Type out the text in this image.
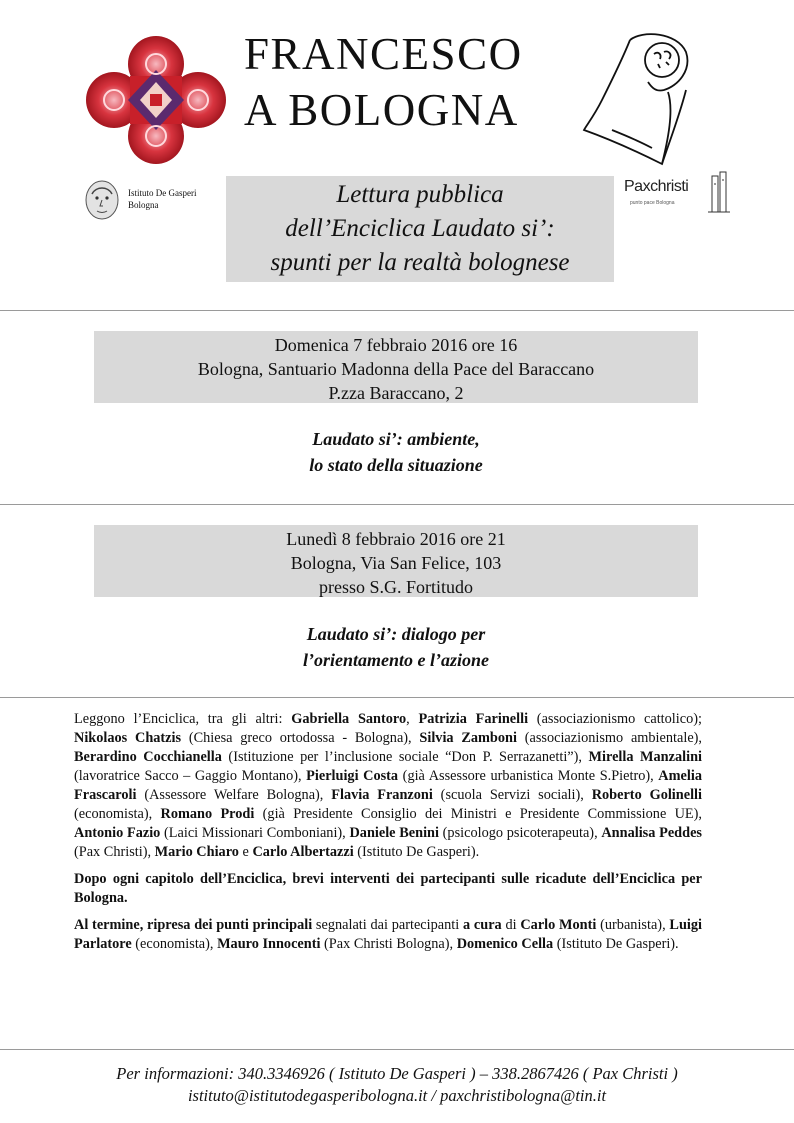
FRANCESCO
A BOLOGNA
Istituto De Gasperi
Bologna	Lettura pubblica
dell’Enciclica Laudato si’:
spunti per la realtà bolognese
Paxchristi
punto pace Bologna
Domenica 7 febbraio 2016 ore 16
Bologna, Santuario Madonna della Pace del Baraccano
P.zza Baraccano, 2
Laudato si’: ambiente,
lo stato della situazione
Lunedì 8 febbraio 2016 ore 21
Bologna, Via San Felice, 103
presso S.G. Fortitudo
Laudato si’: dialogo per
l’orientamento e l’azione

Leggono l’Enciclica, tra gli altri: Gabriella Santoro, Patrizia Farinelli (associazionismo cattolico); Nikolaos Chatzis (Chiesa greco ortodossa - Bologna), Silvia Zamboni (associazionismo ambientale), Berardino Cocchianella (Istituzione per l’inclusione sociale “Don P. Serrazanetti”), Mirella Manzalini (lavoratrice Sacco – Gaggio Montano), Pierluigi Costa (già Assessore urbanistica Monte S.Pietro), Amelia Frascaroli (Assessore Welfare Bologna), Flavia Franzoni (scuola Servizi sociali), Roberto Golinelli (economista), Romano Prodi (già Presidente Consiglio dei Ministri e Presidente Commissione UE), Antonio Fazio (Laici Missionari Comboniani), Daniele Benini (psicologo psicoterapeuta), Annalisa Peddes (Pax Christi), Mario Chiaro e Carlo Albertazzi (Istituto De Gasperi).

Dopo ogni capitolo dell’Enciclica, brevi interventi dei partecipanti sulle ricadute dell’Enciclica per Bologna.

Al termine, ripresa dei punti principali segnalati dai partecipanti a cura di Carlo Monti (urbanista), Luigi Parlatore (economista), Mauro Innocenti (Pax Christi Bologna), Domenico Cella (Istituto De Gasperi).

Per informazioni: 340.3346926 ( Istituto De Gasperi ) – 338.2867426 ( Pax Christi )
istituto@istitutodegasperibologna.it / paxchristibologna@tin.it
